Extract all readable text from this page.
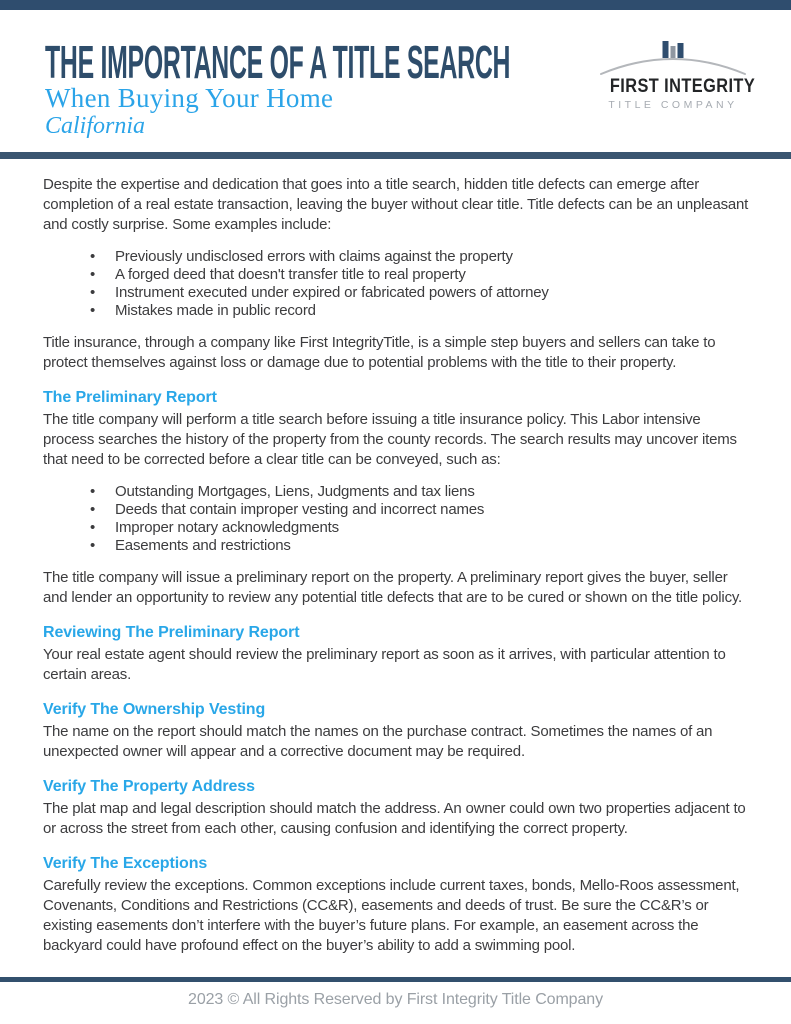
THE IMPORTANCE OF A TITLE SEARCH
When Buying Your Home
California
FIRST INTEGRITY
TITLE COMPANY

Despite the expertise and dedication that goes into a title search, hidden title defects can emerge after completion of a real estate transaction, leaving the buyer without clear title. Title defects can be an unpleasant and costly surprise. Some examples include:

• Previously undisclosed errors with claims against the property
• A forged deed that doesn't transfer title to real property
• Instrument executed under expired or fabricated powers of attorney
• Mistakes made in public record

Title insurance, through a company like First IntegrityTitle, is a simple step buyers and sellers can take to protect themselves against loss or damage due to potential problems with the title to their property.

The Preliminary Report

The title company will perform a title search before issuing a title insurance policy. This Labor intensive process searches the history of the property from the county records. The search results may uncover items that need to be corrected before a clear title can be conveyed, such as:

• Outstanding Mortgages, Liens, Judgments and tax liens
• Deeds that contain improper vesting and incorrect names
• Improper notary acknowledgments
• Easements and restrictions

The title company will issue a preliminary report on the property. A preliminary report gives the buyer, seller and lender an opportunity to review any potential title defects that are to be cured or shown on the title policy.

Reviewing The Preliminary Report

Your real estate agent should review the preliminary report as soon as it arrives, with particular attention to certain areas.

Verify The Ownership Vesting

The name on the report should match the names on the purchase contract. Sometimes the names of an unexpected owner will appear and a corrective document may be required.

Verify The Property Address

The plat map and legal description should match the address. An owner could own two properties adjacent to or across the street from each other, causing confusion and identifying the correct property.

Verify The Exceptions

Carefully review the exceptions. Common exceptions include current taxes, bonds, Mello-Roos assessment, Covenants, Conditions and Restrictions (CC&R), easements and deeds of trust. Be sure the CC&R’s or existing easements don’t interfere with the buyer’s future plans. For example, an easement across the backyard could have profound effect on the buyer’s ability to add a swimming pool.

2023 © All Rights Reserved by First Integrity Title Company
